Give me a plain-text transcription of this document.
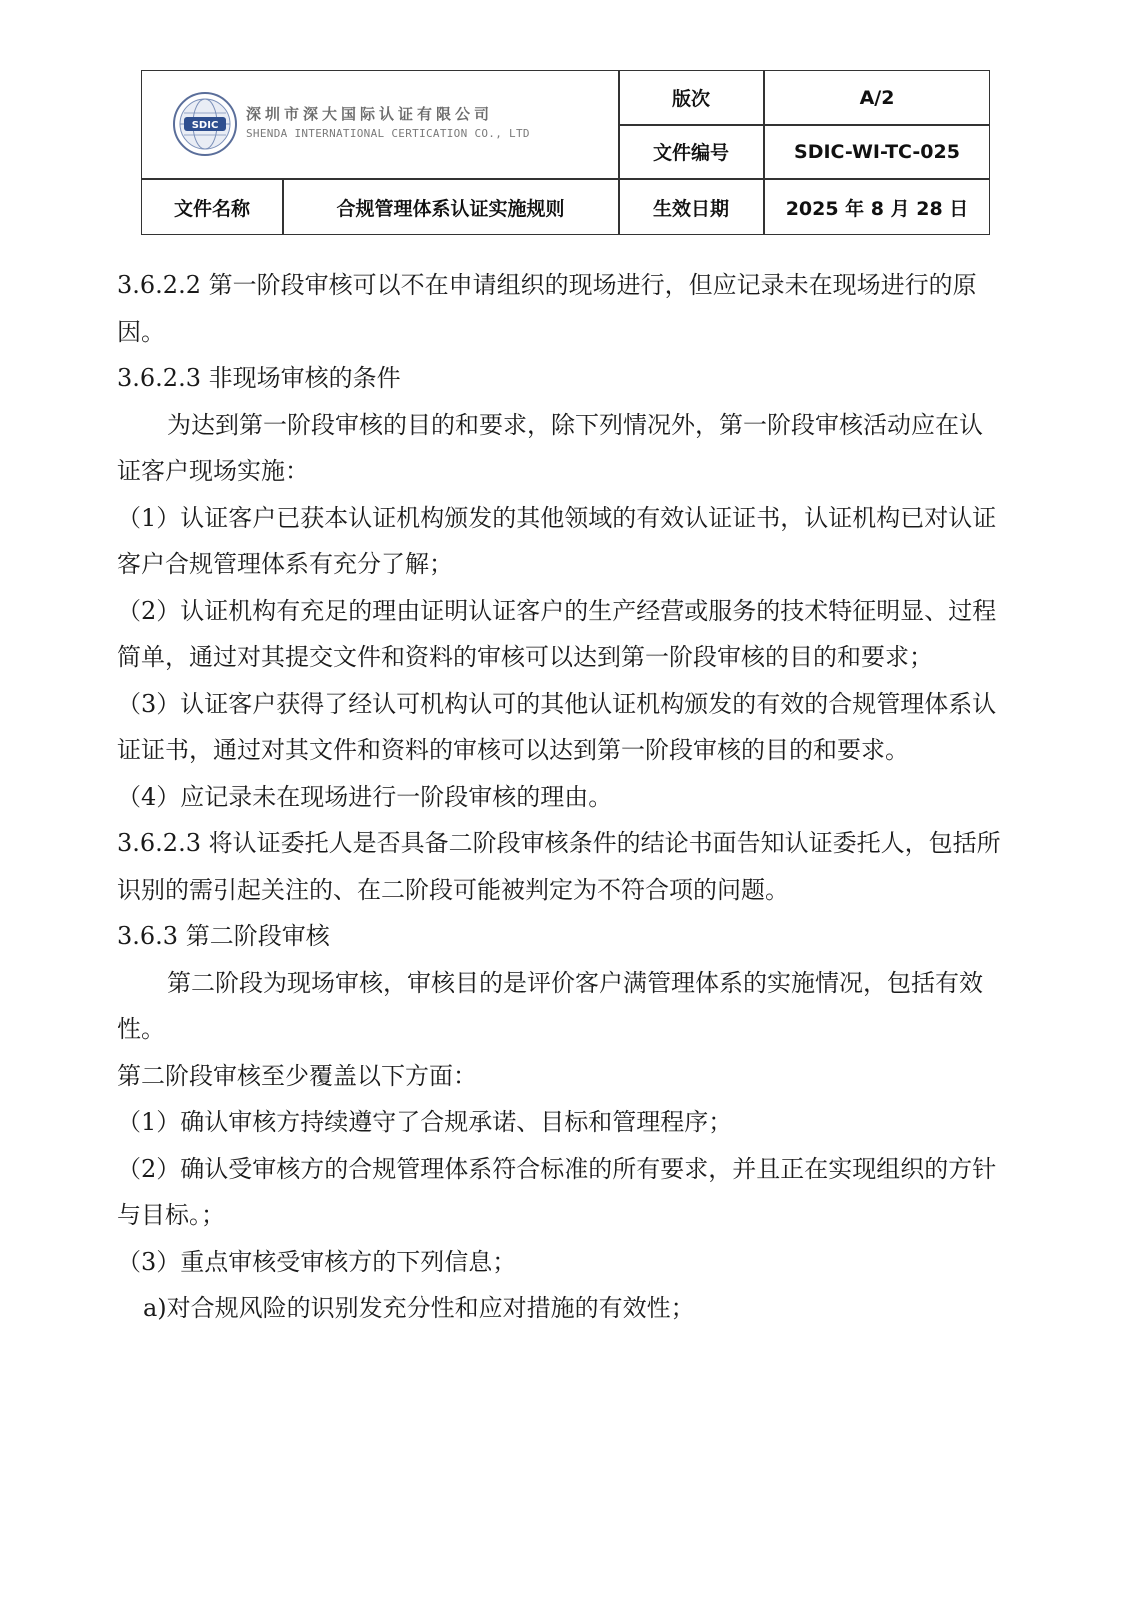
SDIC
深圳市深大国际认证有限公司
SHENDA INTERNATIONAL CERTICATION CO., LTD
版次	A/2
文件编号	SDIC-WI-TC-025
文件名称	合规管理体系认证实施规则	生效日期	2025 年 8 月 28 日

3.6.2.2 第一阶段审核可以不在申请组织的现场进行，但应记录未在现场进行的原因。

3.6.2.3 非现场审核的条件

为达到第一阶段审核的目的和要求，除下列情况外，第一阶段审核活动应在认证客户现场实施：

（1）认证客户已获本认证机构颁发的其他领域的有效认证证书，认证机构已对认证客户合规管理体系有充分了解；

（2）认证机构有充足的理由证明认证客户的生产经营或服务的技术特征明显、过程简单，通过对其提交文件和资料的审核可以达到第一阶段审核的目的和要求；

（3）认证客户获得了经认可机构认可的其他认证机构颁发的有效的合规管理体系认证证书，通过对其文件和资料的审核可以达到第一阶段审核的目的和要求。

（4）应记录未在现场进行一阶段审核的理由。

3.6.2.3 将认证委托人是否具备二阶段审核条件的结论书面告知认证委托人，包括所识别的需引起关注的、在二阶段可能被判定为不符合项的问题。

3.6.3 第二阶段审核

第二阶段为现场审核，审核目的是评价客户满管理体系的实施情况，包括有效性。

第二阶段审核至少覆盖以下方面：

（1）确认审核方持续遵守了合规承诺、目标和管理程序；

（2）确认受审核方的合规管理体系符合标准的所有要求，并且正在实现组织的方针与目标。；

（3）重点审核受审核方的下列信息；

a)对合规风险的识别发充分性和应对措施的有效性；
